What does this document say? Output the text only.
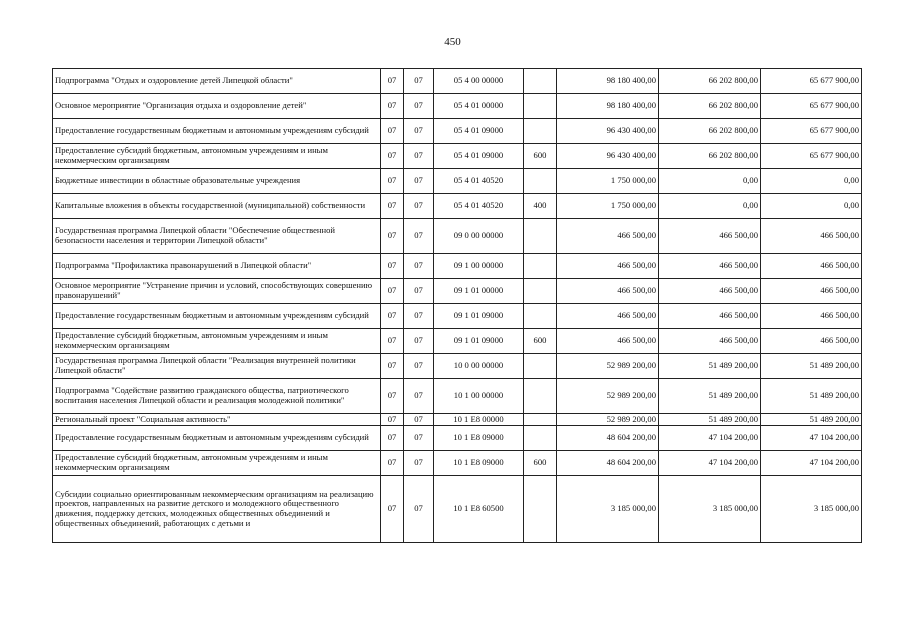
450
Подпрограмма "Отдых и оздоровление детей Липецкой области"	07	07	05 4 00 00000		98 180 400,00	66 202 800,00	65 677 900,00
Основное мероприятие "Организация отдыха и оздоровление детей"	07	07	05 4 01 00000		98 180 400,00	66 202 800,00	65 677 900,00
Предоставление государственным бюджетным и автономным учреждениям субсидий	07	07	05 4 01 09000		96 430 400,00	66 202 800,00	65 677 900,00
Предоставление субсидий бюджетным, автономным учреждениям и иным некоммерческим организациям	07	07	05 4 01 09000	600	96 430 400,00	66 202 800,00	65 677 900,00
Бюджетные инвестиции в областные образовательные учреждения	07	07	05 4 01 40520		1 750 000,00	0,00	0,00
Капитальные вложения в объекты государственной (муниципальной) собственности	07	07	05 4 01 40520	400	1 750 000,00	0,00	0,00
Государственная программа Липецкой области "Обеспечение общественной безопасности населения и территории Липецкой области"	07	07	09 0 00 00000		466 500,00	466 500,00	466 500,00
Подпрограмма "Профилактика правонарушений в Липецкой области"	07	07	09 1 00 00000		466 500,00	466 500,00	466 500,00
Основное мероприятие "Устранение причин и условий, способствующих совершению правонарушений"	07	07	09 1 01 00000		466 500,00	466 500,00	466 500,00
Предоставление государственным бюджетным и автономным учреждениям субсидий	07	07	09 1 01 09000		466 500,00	466 500,00	466 500,00
Предоставление субсидий бюджетным, автономным учреждениям и иным некоммерческим организациям	07	07	09 1 01 09000	600	466 500,00	466 500,00	466 500,00
Государственная программа Липецкой области "Реализация внутренней политики Липецкой области"	07	07	10 0 00 00000		52 989 200,00	51 489 200,00	51 489 200,00
Подпрограмма "Содействие развитию гражданского общества, патриотического воспитания населения Липецкой области и реализация молодежной политики"	07	07	10 1 00 00000		52 989 200,00	51 489 200,00	51 489 200,00
Региональный проект "Социальная активность"	07	07	10 1 E8 00000		52 989 200,00	51 489 200,00	51 489 200,00
Предоставление государственным бюджетным и автономным учреждениям субсидий	07	07	10 1 E8 09000		48 604 200,00	47 104 200,00	47 104 200,00
Предоставление субсидий бюджетным, автономным учреждениям и иным некоммерческим организациям	07	07	10 1 E8 09000	600	48 604 200,00	47 104 200,00	47 104 200,00
Субсидии социально ориентированным некоммерческим организациям на реализацию проектов, направленных на развитие детского и молодежного общественного движения, поддержку детских, молодежных общественных объединений и общественных объединений, работающих с детьми и	07	07	10 1 E8 60500		3 185 000,00	3 185 000,00	3 185 000,00
